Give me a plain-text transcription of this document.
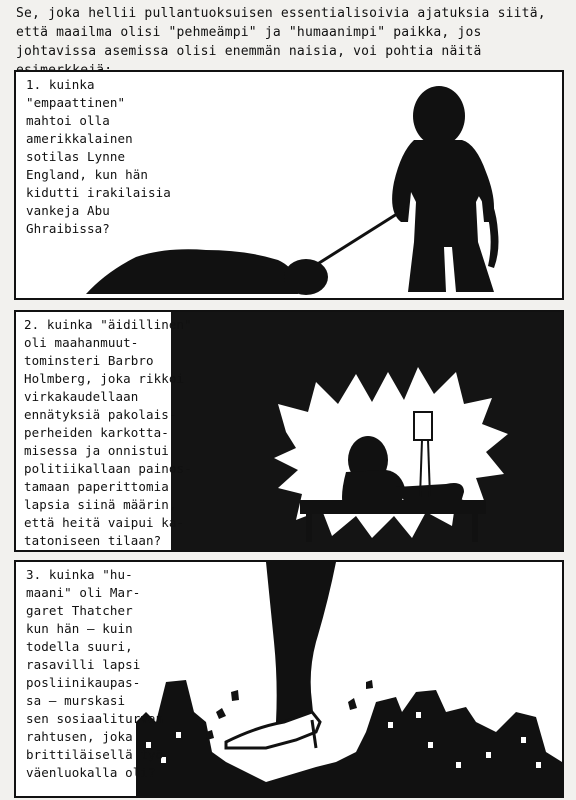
Se, joka hellii pullantuoksuisen essentialisoivia ajatuksia siitä, että maailma olisi "pehmeämpi" ja "humaanimpi" paikka, jos johtavissa asemissa olisi enemmän naisia, voi pohtia näitä
1. kuinka
"empaattinen"
mahtoi olla
amerikkalainen
sotilas Lynne
England, kun hän
kidutti irakilaisia
vankeja Abu
Ghraibissa?
2. kuinka "äidillinen"
oli maahanmuut-
tominsteri Barbro
Holmberg, joka rikkoi
virkakaudellaan
ennätyksiä pakolais-
perheiden karkotta-
misessa ja onnistui
politiikallaan painos-
tamaan paperittomia
lapsia siinä määrin,
että heitä vaipui ka-
tatoniseen tilaan?
3. kuinka "hu-
maani" oli Mar-
garet Thatcher
kun hän – kuin
todella suuri,
rasavilli lapsi
posliinikaupas-
sa – murskasi
sen sosiaaliturvan
rahtusen, joka
brittiläisellä työ-
väenluokalla oli?
